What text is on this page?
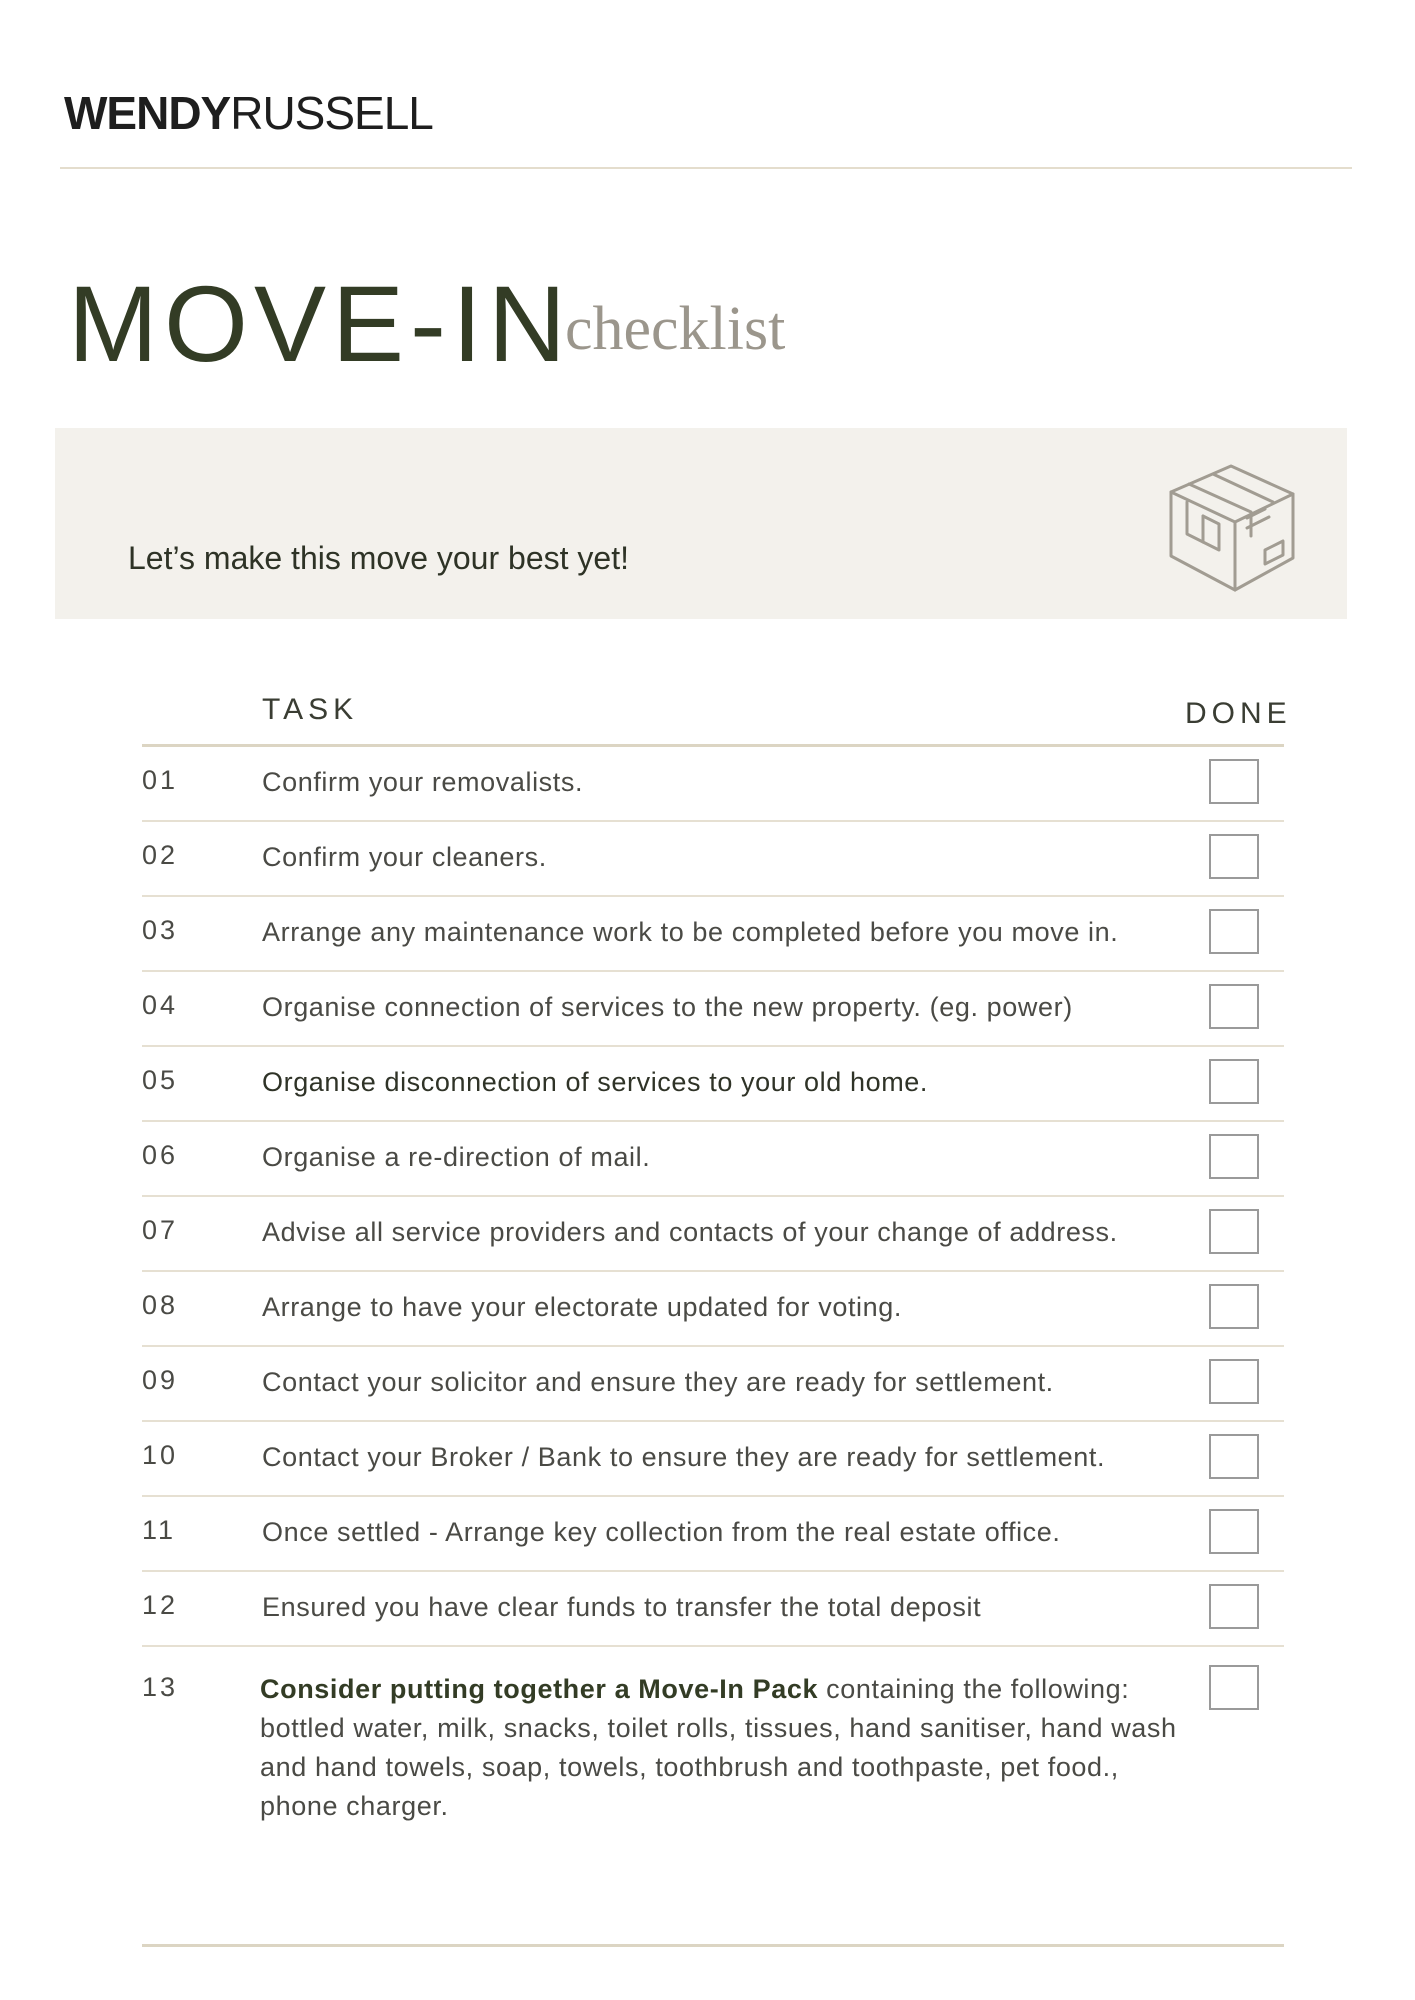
WENDYRUSSELL
MOVE-IN
checklist
Let’s make this move your best yet!
TASK	DONE
01	Confirm your removalists.
02	Confirm your cleaners.
03	Arrange any maintenance work to be completed before you move in.
04	Organise connection of services to the new property. (eg. power)
05	Organise disconnection of services to your old home.
06	Organise a re-direction of mail.
07	Advise all service providers and contacts of your change of address.
08	Arrange to have your electorate updated for voting.
09	Contact your solicitor and ensure they are ready for settlement.
10	Contact your Broker / Bank to ensure they are ready for settlement.
11	Once settled - Arrange key collection from the real estate office.
12	Ensured you have clear funds to transfer the total deposit
13	Consider putting together a Move-In Pack containing the following: bottled water, milk, snacks, toilet rolls, tissues, hand sanitiser, hand wash and hand towels, soap, towels, toothbrush and toothpaste, pet food., phone charger.
